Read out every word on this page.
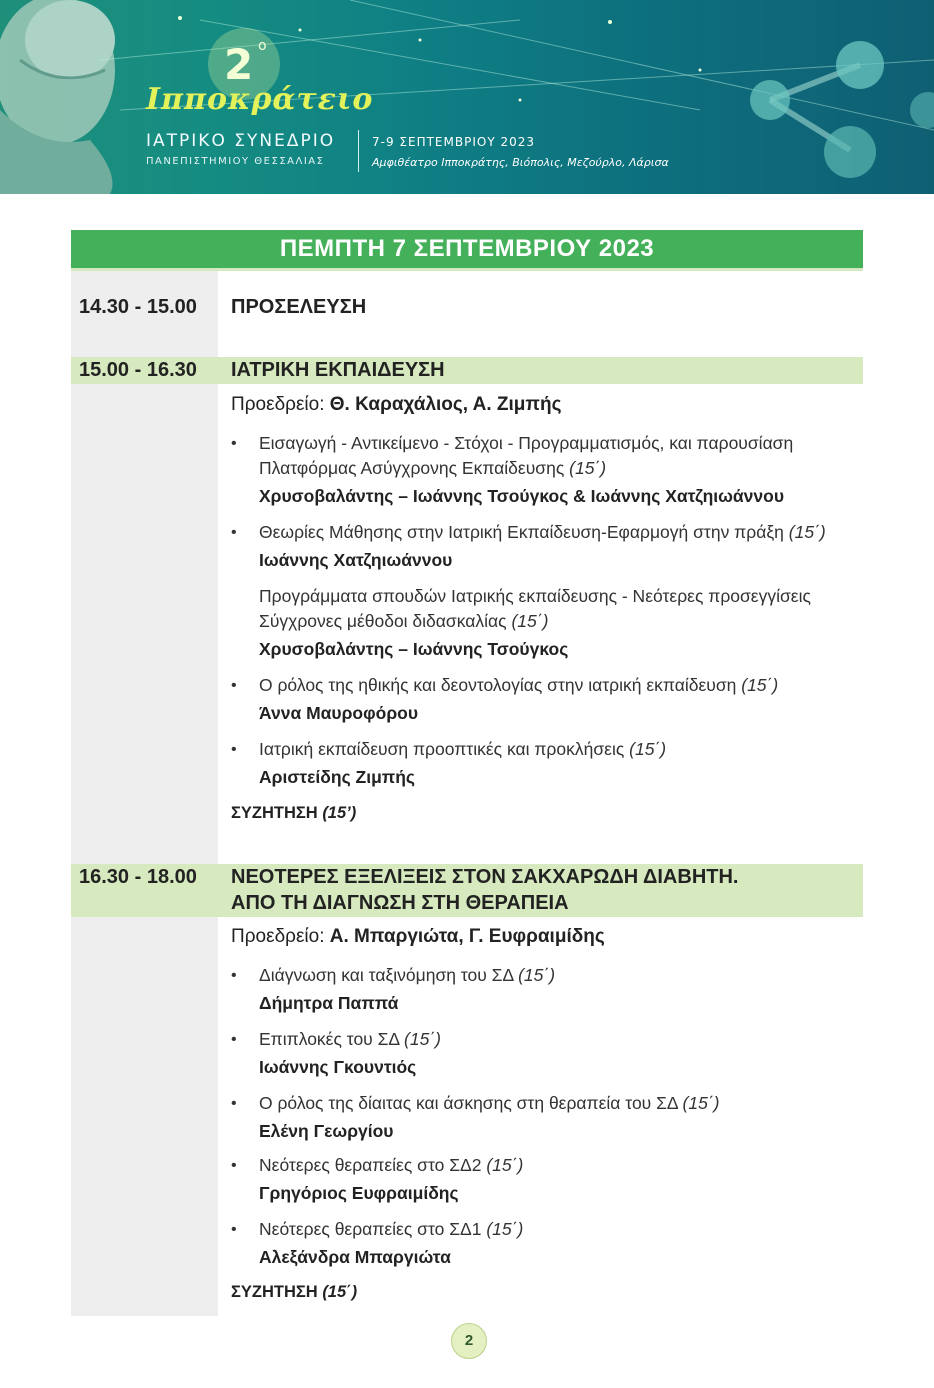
2 ο
Ιπποκράτειο
ΙΑΤΡΙΚΟ ΣΥΝΕΔΡΙΟ
ΠΑΝΕΠΙΣΤΗΜΙΟΥ ΘΕΣΣΑΛΙΑΣ
7-9 ΣΕΠΤΕΜΒΡΙΟΥ 2023
Αμφιθέατρο Ιπποκράτης, Βιόπολις, Μεζούρλο, Λάρισα
ΠΕΜΠΤΗ 7 ΣΕΠΤΕΜΒΡΙΟΥ 2023
14.30 - 15.00 ΠΡΟΣΕΛΕΥΣΗ
15.00 - 16.30 ΙΑΤΡΙΚΗ ΕΚΠΑΙΔΕΥΣΗ
Προεδρείο: Θ. Καραχάλιος, Α. Ζιμπής
• Εισαγωγή - Αντικείμενο - Στόχοι - Προγραμματισμός, και παρουσίαση
Πλατφόρμας Ασύγχρονης Εκπαίδευσης (15΄)
Χρυσοβαλάντης – Ιωάννης Τσούγκος & Ιωάννης Χατζηιωάννου
• Θεωρίες Μάθησης στην Ιατρική Εκπαίδευση-Εφαρμογή στην πράξη (15΄)
Ιωάννης Χατζηιωάννου
Προγράμματα σπουδών Ιατρικής εκπαίδευσης - Νεότερες προσεγγίσεις
Σύγχρονες μέθοδοι διδασκαλίας (15΄)
Χρυσοβαλάντης – Ιωάννης Τσούγκος
• Ο ρόλος της ηθικής και δεοντολογίας στην ιατρική εκπαίδευση (15΄)
Άννα Μαυροφόρου
• Ιατρική εκπαίδευση προοπτικές και προκλήσεις (15΄)
Αριστείδης Ζιμπής
ΣΥΖΗΤΗΣΗ (15’)
16.30 - 18.00 ΝΕΟΤΕΡΕΣ ΕΞΕΛΙΞΕΙΣ ΣΤΟΝ ΣΑΚΧΑΡΩΔΗ ΔΙΑΒΗΤΗ.
ΑΠΟ ΤΗ ΔΙΑΓΝΩΣΗ ΣΤΗ ΘΕΡΑΠΕΙΑ
Προεδρείο: Α. Μπαργιώτα, Γ. Ευφραιμίδης
• Διάγνωση και ταξινόμηση του ΣΔ (15΄)
Δήμητρα Παππά
• Επιπλοκές του ΣΔ (15΄)
Ιωάννης Γκουντιός
• Ο ρόλος της δίαιτας και άσκησης στη θεραπεία του ΣΔ (15΄)
Ελένη Γεωργίου
• Νεότερες θεραπείες στο ΣΔ2 (15΄)
Γρηγόριος Ευφραιμίδης
• Νεότερες θεραπείες στο ΣΔ1 (15΄)
Αλεξάνδρα Μπαργιώτα
ΣΥΖΗΤΗΣΗ (15΄)
2
